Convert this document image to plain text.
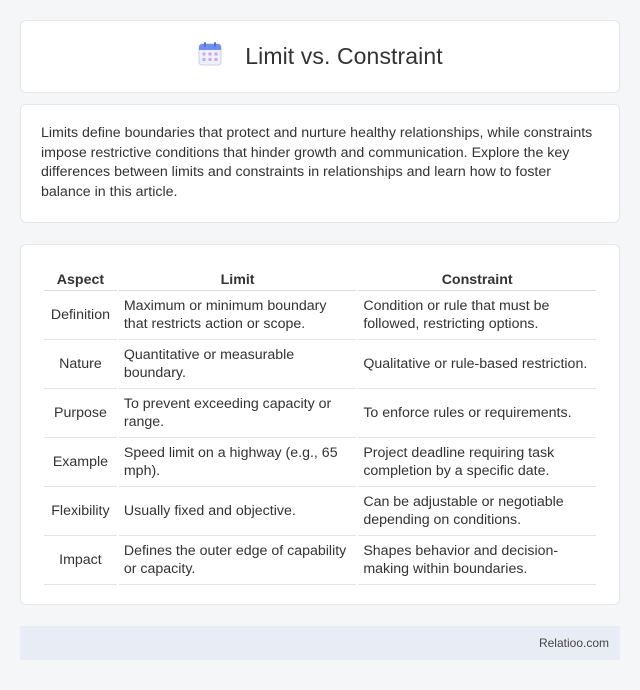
Limit vs. Constraint

Limits define boundaries that protect and nurture healthy relationships, while constraints impose restrictive conditions that hinder growth and communication. Explore the key differences between limits and constraints in relationships and learn how to foster balance in this article.

Aspect	Limit	Constraint
Definition	Maximum or minimum boundary that restricts action or scope.	Condition or rule that must be followed, restricting options.
Nature	Quantitative or measurable boundary.	Qualitative or rule-based restriction.
Purpose	To prevent exceeding capacity or range.	To enforce rules or requirements.
Example	Speed limit on a highway (e.g., 65 mph).	Project deadline requiring task completion by a specific date.
Flexibility	Usually fixed and objective.	Can be adjustable or negotiable depending on conditions.
Impact	Defines the outer edge of capability or capacity.	Shapes behavior and decision-making within boundaries.
Relatioo.com
